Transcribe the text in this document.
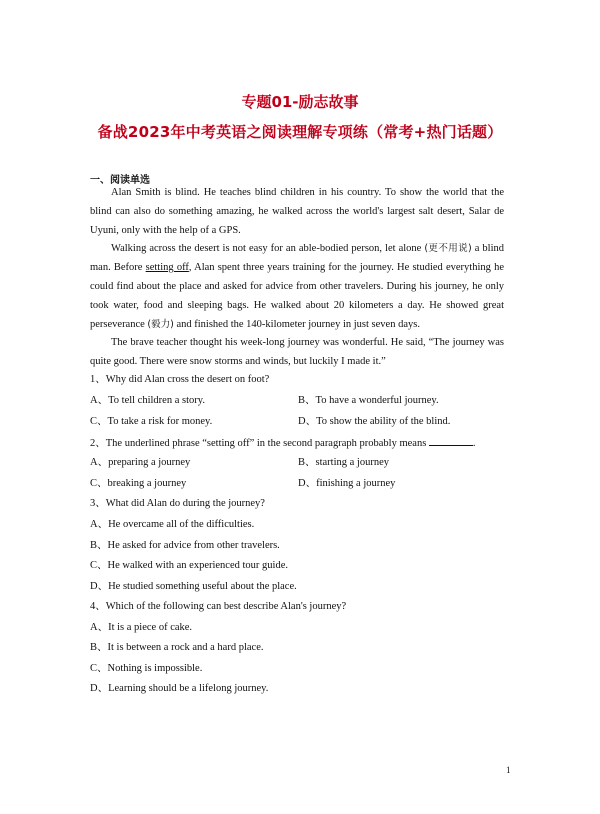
专题01-励志故事
备战2023年中考英语之阅读理解专项练（常考+热门话题）
一、阅读单选

Alan Smith is blind. He teaches blind children in his country. To show the world that the blind can also do something amazing, he walked across the world's largest salt desert, Salar de Uyuni, only with the help of a GPS.

Walking across the desert is not easy for an able-bodied person, let alone (更不用说) a blind man. Before setting off, Alan spent three years training for the journey. He studied everything he could find about the place and asked for advice from other travelers. During his journey, he only took water, food and sleeping bags. He walked about 20 kilometers a day. He showed great perseverance (毅力) and finished the 140-kilometer journey in just seven days.

The brave teacher thought his week-long journey was wonderful. He said, “The journey was quite good. There were snow storms and winds, but luckily I made it.”

1、Why did Alan cross the desert on foot?
A、To tell children a story.	B、To have a wonderful journey.
C、To take a risk for money.	D、To show the ability of the blind.
2、The underlined phrase “setting off” in the second paragraph probably means	.
A、preparing a journey	B、starting a journey
C、breaking a journey	D、finishing a journey
3、What did Alan do during the journey?
A、He overcame all of the difficulties.
B、He asked for advice from other travelers.
C、He walked with an experienced tour guide.
D、He studied something useful about the place.
4、Which of the following can best describe Alan's journey?
A、It is a piece of cake.
B、It is between a rock and a hard place.
C、Nothing is impossible.
D、Learning should be a lifelong journey.
1
